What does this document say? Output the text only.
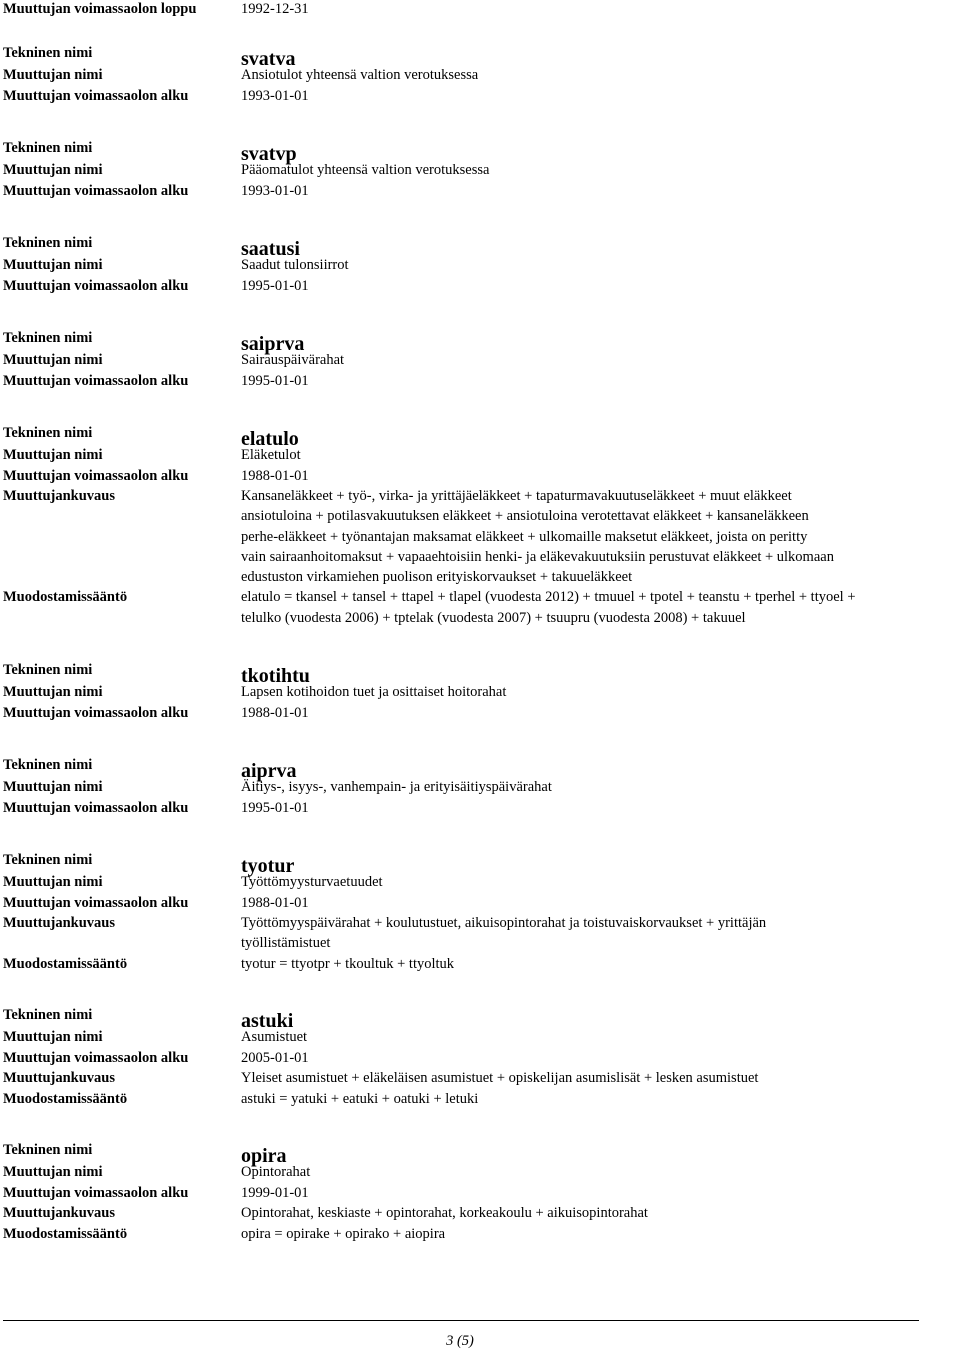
Muuttujan voimassaolon loppu	1992-12-31
Tekninen nimi	svatva
Muuttujan nimi	Ansiotulot yhteensä valtion verotuksessa
Muuttujan voimassaolon alku	1993-01-01
Tekninen nimi	svatvp
Muuttujan nimi	Pääomatulot yhteensä valtion verotuksessa
Muuttujan voimassaolon alku	1993-01-01
Tekninen nimi	saatusi
Muuttujan nimi	Saadut tulonsiirrot
Muuttujan voimassaolon alku	1995-01-01
Tekninen nimi	saiprva
Muuttujan nimi	Sairauspäivärahat
Muuttujan voimassaolon alku	1995-01-01
Tekninen nimi	elatulo
Muuttujan nimi	Eläketulot
Muuttujan voimassaolon alku	1988-01-01
Muuttujankuvaus	Kansaneläkkeet + työ-, virka- ja yrittäjäeläkkeet + tapaturmavakuutuseläkkeet + muut eläkkeet
ansiotuloina + potilasvakuutuksen eläkkeet + ansiotuloina verotettavat eläkkeet + kansaneläkkeen
perhe-eläkkeet + työnantajan maksamat eläkkeet + ulkomaille maksetut eläkkeet, joista on peritty
vain sairaanhoitomaksut + vapaaehtoisiin henki- ja eläkevakuutuksiin perustuvat eläkkeet + ulkomaan
edustuston virkamiehen puolison erityiskorvaukset + takuueläkkeet
Muodostamissääntö	elatulo = tkansel + tansel + ttapel + tlapel (vuodesta 2012) + tmuuel + tpotel + teanstu + tperhel + ttyoel +
telulko (vuodesta 2006) + tptelak (vuodesta 2007) + tsuupru (vuodesta 2008) + takuuel
Tekninen nimi	tkotihtu
Muuttujan nimi	Lapsen kotihoidon tuet ja osittaiset hoitorahat
Muuttujan voimassaolon alku	1988-01-01
Tekninen nimi	aiprva
Muuttujan nimi	Äitiys-, isyys-, vanhempain- ja erityisäitiyspäivärahat
Muuttujan voimassaolon alku	1995-01-01
Tekninen nimi	tyotur
Muuttujan nimi	Työttömyysturvaetuudet
Muuttujan voimassaolon alku	1988-01-01
Muuttujankuvaus	Työttömyyspäivärahat + koulutustuet, aikuisopintorahat ja toistuvaiskorvaukset + yrittäjän
työllistämistuet
Muodostamissääntö	tyotur = ttyotpr + tkoultuk + ttyoltuk
Tekninen nimi	astuki
Muuttujan nimi	Asumistuet
Muuttujan voimassaolon alku	2005-01-01
Muuttujankuvaus	Yleiset asumistuet + eläkeläisen asumistuet + opiskelijan asumislisät + lesken asumistuet
Muodostamissääntö	astuki = yatuki + eatuki + oatuki + letuki
Tekninen nimi	opira
Muuttujan nimi	Opintorahat
Muuttujan voimassaolon alku	1999-01-01
Muuttujankuvaus	Opintorahat, keskiaste + opintorahat, korkeakoulu + aikuisopintorahat
Muodostamissääntö	opira = opirake + opirako + aiopira
3 (5)
